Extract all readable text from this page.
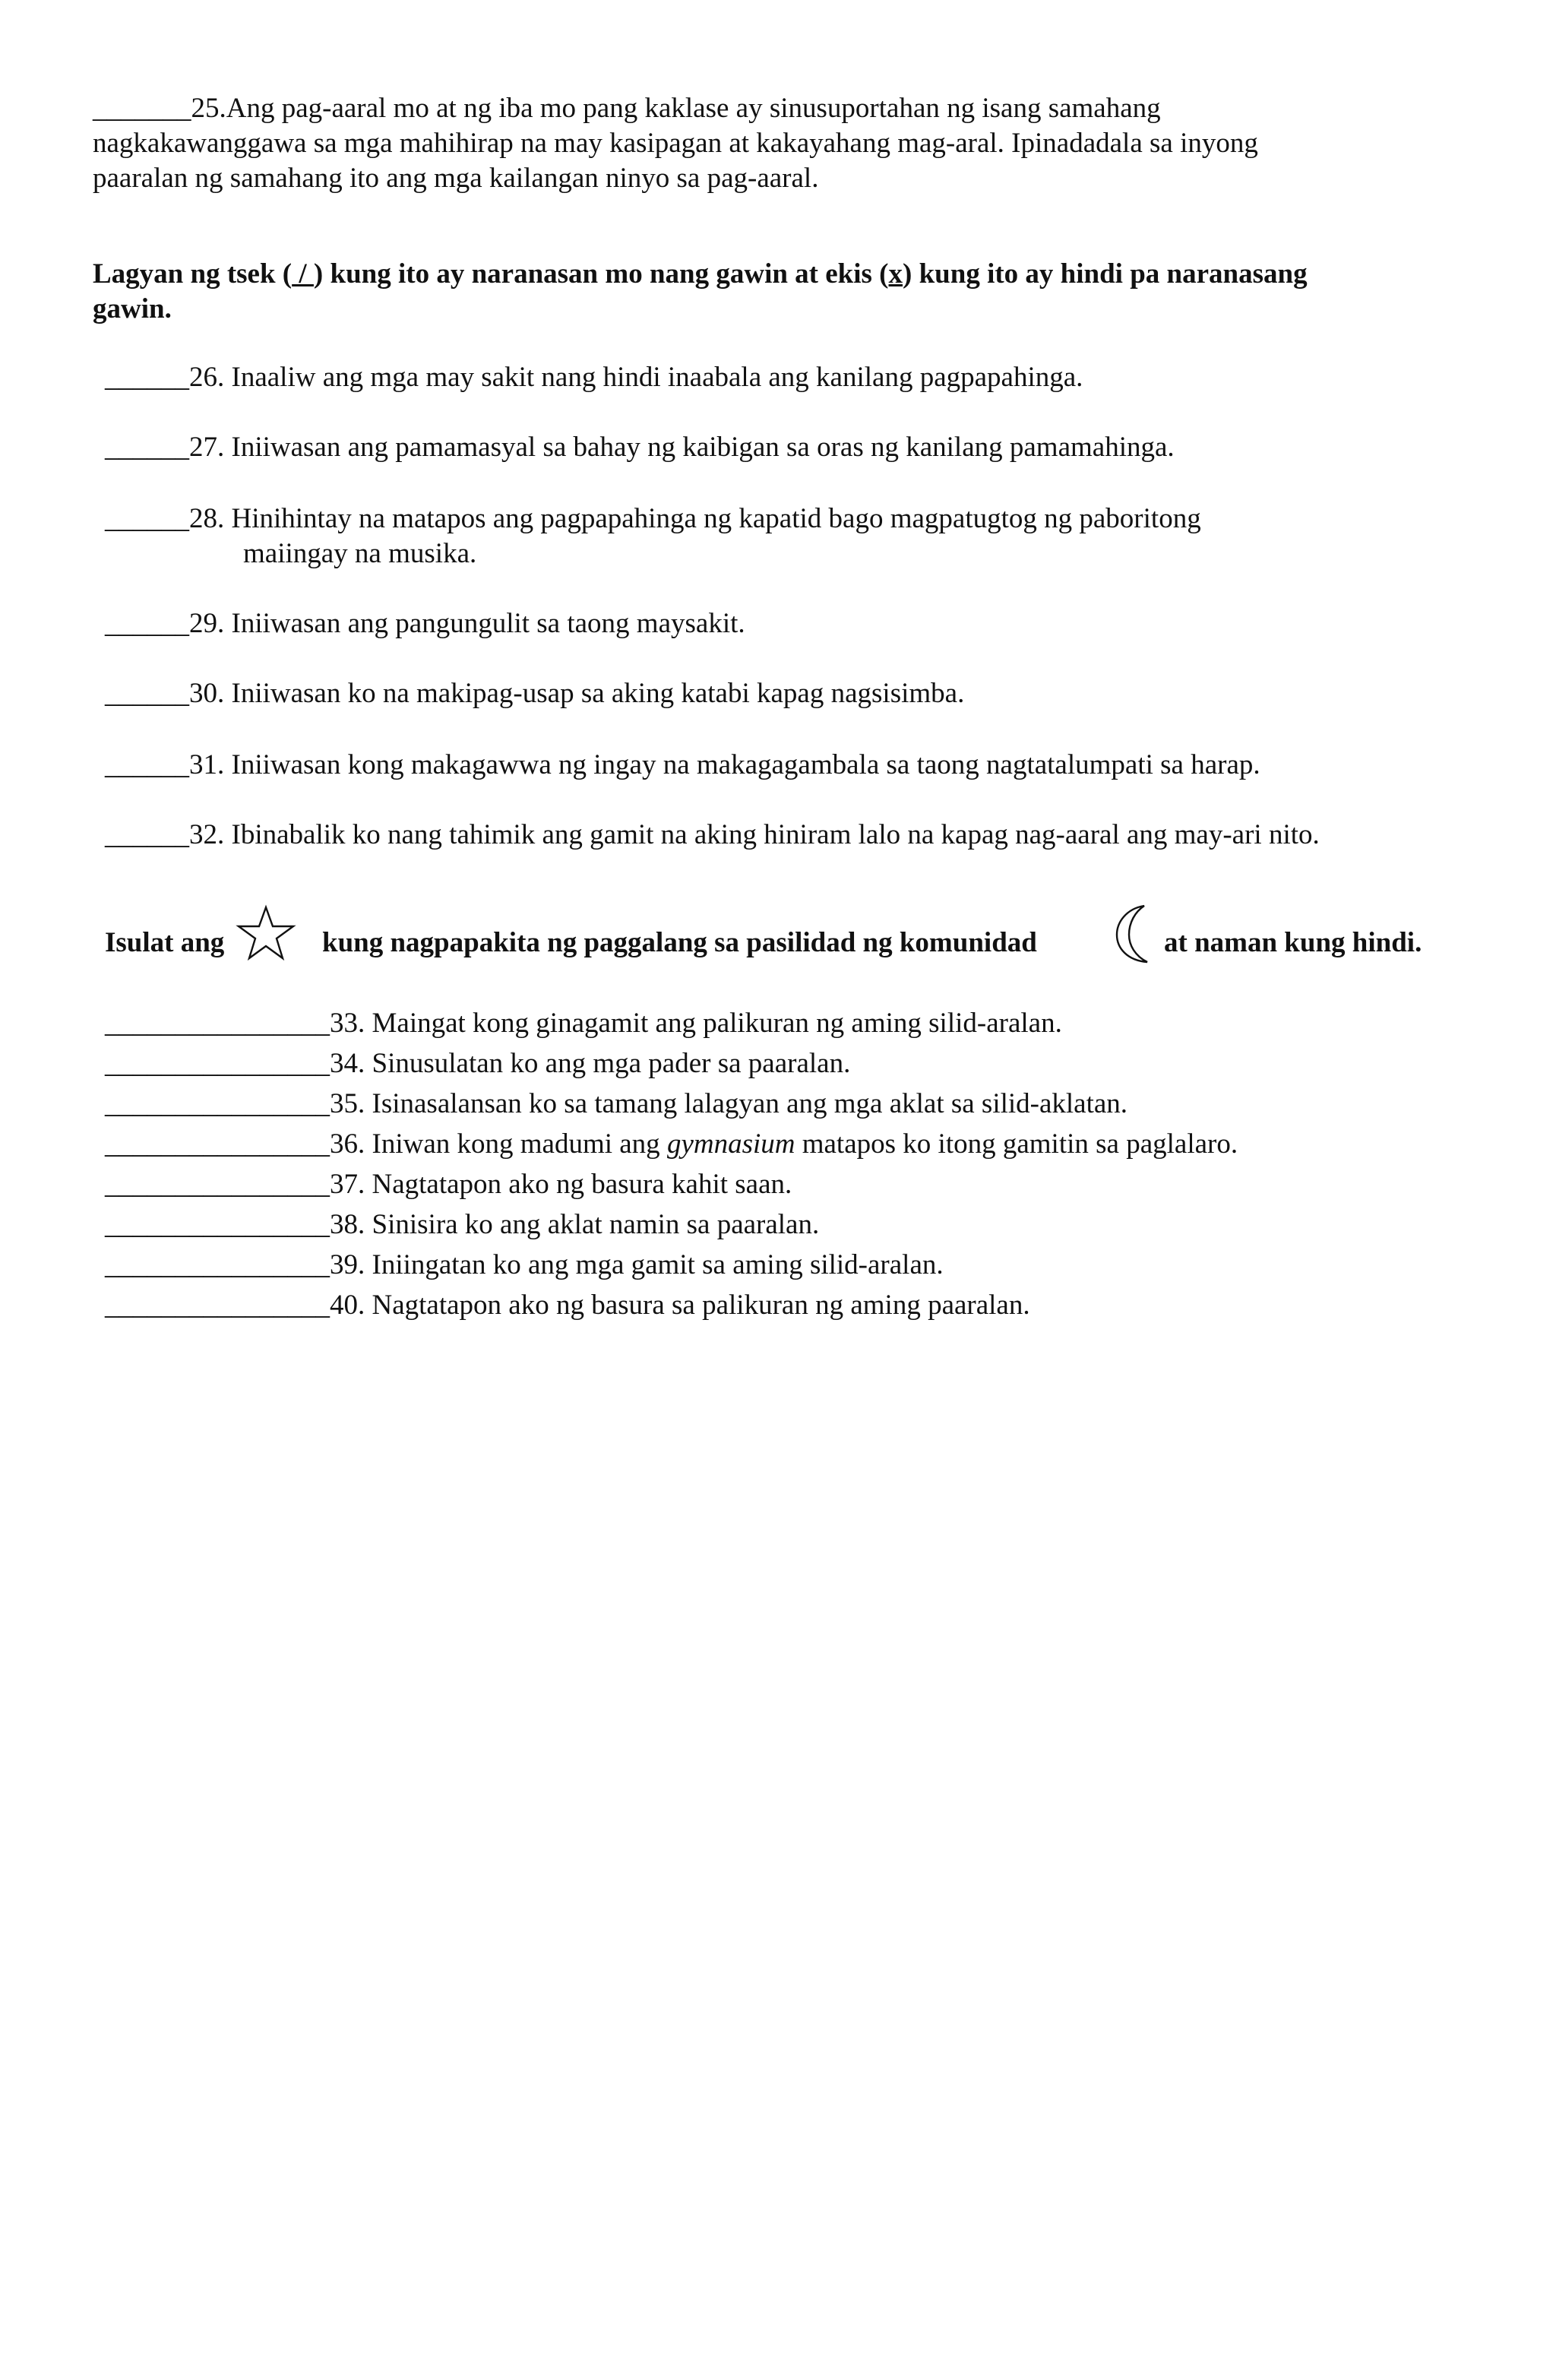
_______25.Ang pag-aaral mo at ng iba mo pang kaklase ay sinusuportahan ng isang samahang
nagkakawanggawa sa mga mahihirap na may kasipagan at kakayahang mag-aral. Ipinadadala sa inyong
paaralan ng samahang ito ang mga kailangan ninyo sa pag-aaral.
Lagyan ng tsek ( / ) kung ito ay naranasan mo nang gawin at ekis (x) kung ito ay hindi pa naranasang
gawin.
______26. Inaaliw ang mga may sakit nang hindi inaabala ang kanilang pagpapahinga.
______27. Iniiwasan ang pamamasyal sa bahay ng kaibigan sa oras ng kanilang pamamahinga.
______28. Hinihintay na matapos ang pagpapahinga ng kapatid bago magpatugtog ng paboritong
maiingay na musika.
______29. Iniiwasan ang pangungulit sa taong maysakit.
______30. Iniiwasan ko na makipag-usap sa aking katabi kapag nagsisimba.
______31. Iniiwasan kong makagawwa ng ingay na makagagambala sa taong nagtatalumpati sa harap.
______32. Ibinabalik ko nang tahimik ang gamit na aking hiniram lalo na kapag nag-aaral ang may-ari nito.
Isulat ang	kung nagpapakita ng paggalang sa pasilidad ng komunidad	at naman kung hindi.
________________33. Maingat kong ginagamit ang palikuran ng aming silid-aralan.
________________34. Sinusulatan ko ang mga pader sa paaralan.
________________35. Isinasalansan ko sa tamang lalagyan ang mga aklat sa silid-aklatan.
________________36. Iniwan kong madumi ang gymnasium matapos ko itong gamitin sa paglalaro.
________________37. Nagtatapon ako ng basura kahit saan.
________________38. Sinisira ko ang aklat namin sa paaralan.
________________39. Iniingatan ko ang mga gamit sa aming silid-aralan.
________________40. Nagtatapon ako ng basura sa palikuran ng aming paaralan.
